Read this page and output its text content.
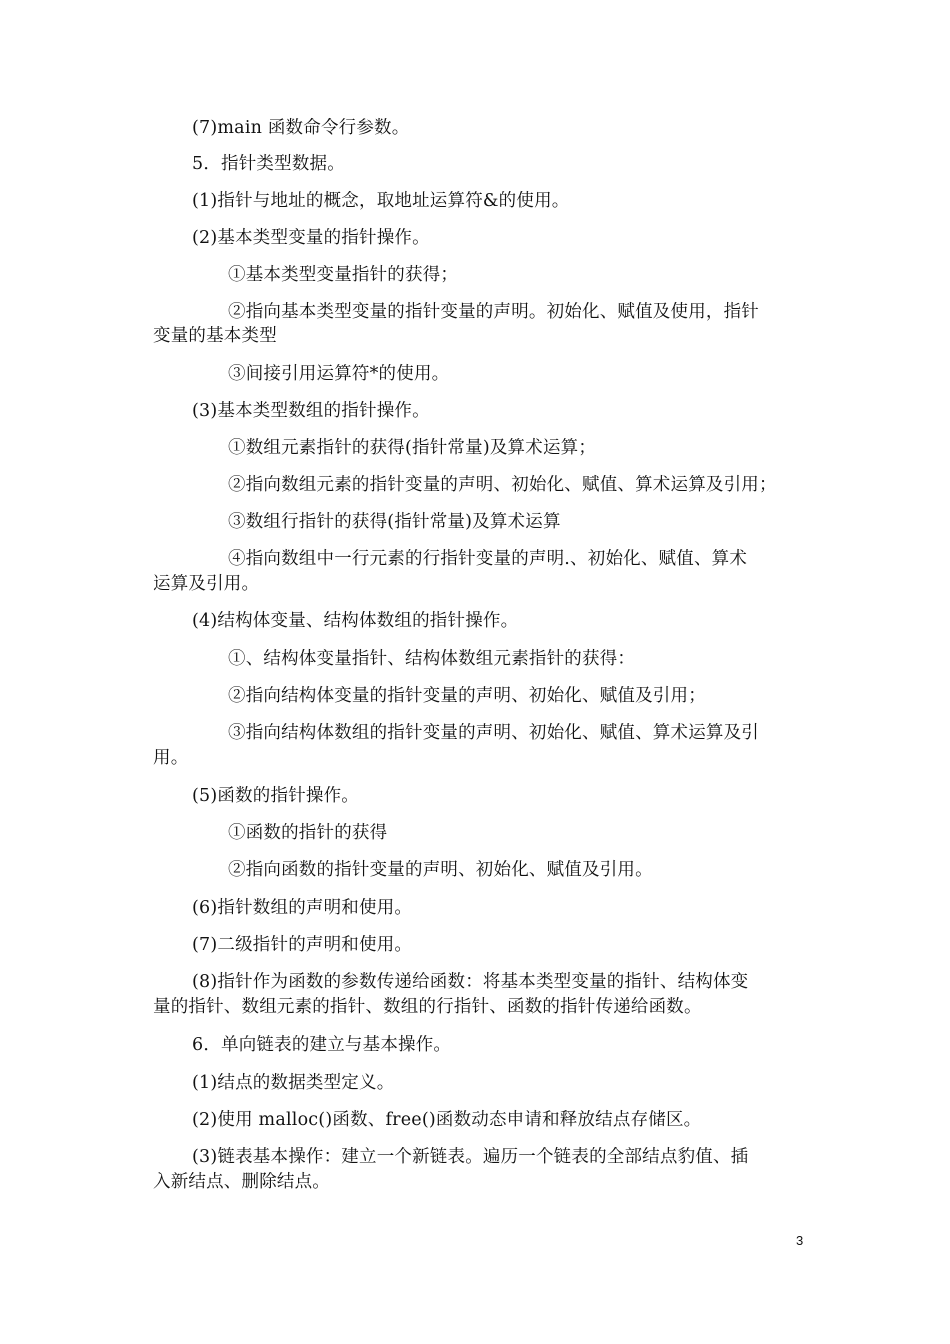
(7)main 函数命令行参数。
5．指针类型数据。
(1)指针与地址的概念，取地址运算符&的使用。
(2)基本类型变量的指针操作。
①基本类型变量指针的获得；
②指向基本类型变量的指针变量的声明。初始化、赋值及使用，指针
变量的基本类型
③间接引用运算符*的使用。
(3)基本类型数组的指针操作。
①数组元素指针的获得(指针常量)及算术运算；
②指向数组元素的指针变量的声明、初始化、赋值、算术运算及引用；
③数组行指针的获得(指针常量)及算术运算
④指向数组中一行元素的行指针变量的声明.、初始化、赋值、算术
运算及引用。
(4)结构体变量、结构体数组的指针操作。
①、结构体变量指针、结构体数组元素指针的获得：
②指向结构体变量的指针变量的声明、初始化、赋值及引用；
③指向结构体数组的指针变量的声明、初始化、赋值、算术运算及引
用。
(5)函数的指针操作。
①函数的指针的获得
②指向函数的指针变量的声明、初始化、赋值及引用。
(6)指针数组的声明和使用。
(7)二级指针的声明和使用。
(8)指针作为函数的参数传递给函数：将基本类型变量的指针、结构体变
量的指针、数组元素的指针、数组的行指针、函数的指针传递给函数。
6．单向链表的建立与基本操作。
(1)结点的数据类型定义。
(2)使用 malloc()函数、free()函数动态申请和释放结点存储区。
(3)链表基本操作：建立一个新链表。遍历一个链表的全部结点豹值、插
入新结点、删除结点。
3
